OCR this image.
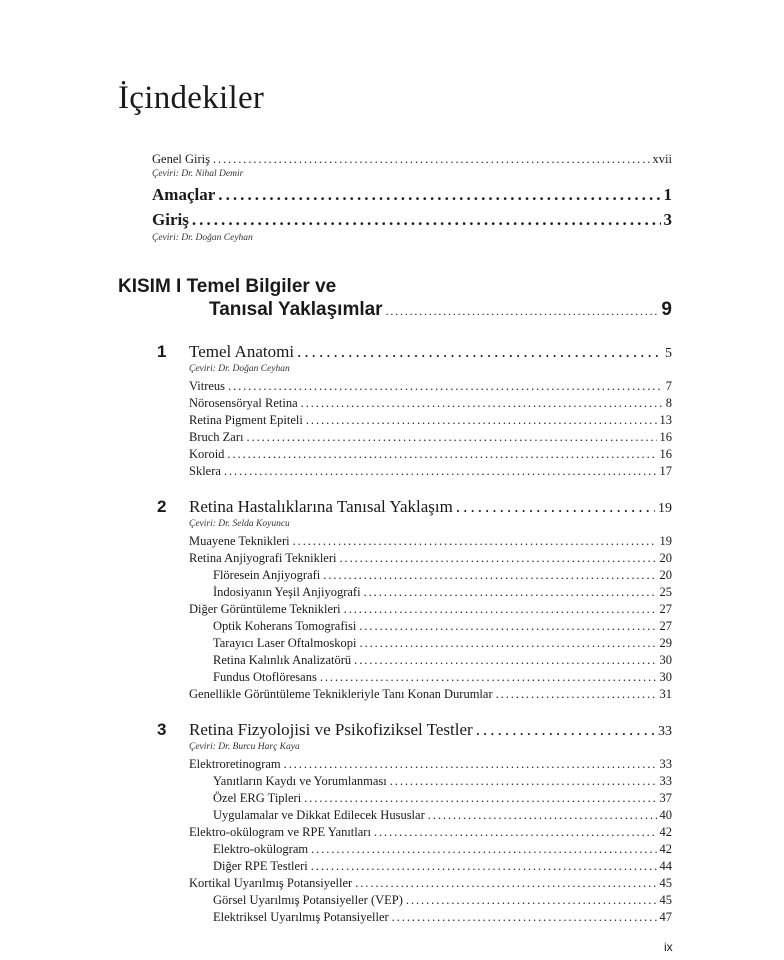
İçindekiler
Genel Giriş . . .	xvii
Çeviri: Dr. Nihal Demir
Amaçlar . . .	1
Giriş . . .	3
Çeviri: Dr. Doğan Ceyhan
KISIM I Temel Bilgiler ve
Tanısal Yaklaşımlar . . .	9
1 Temel Anatomi . . .	5
Çeviri: Dr. Doğan Ceyhan
Vitreus . . .	7
Nörosensöryal Retina . . .	8
Retina Pigment Epiteli . . .	13
Bruch Zarı . . .	16
Koroid . . .	16
Sklera . . .	17
2 Retina Hastalıklarına Tanısal Yaklaşım . . .	19
Çeviri: Dr. Selda Koyuncu
Muayene Teknikleri . . .	19
Retina Anjiyografi Teknikleri . . .	20
Flöresein Anjiyografi . . .	20
İndosiyanın Yeşil Anjiyografi . . .	25
Diğer Görüntüleme Teknikleri . . .	27
Optik Koherans Tomografisi . . .	27
Tarayıcı Laser Oftalmoskopi . . .	29
Retina Kalınlık Analizatörü . . .	30
Fundus Otoflöresans . . .	30
Genellikle Görüntüleme Teknikleriyle Tanı Konan Durumlar . . .	31
3 Retina Fizyolojisi ve Psikofiziksel Testler . . .	33
Çeviri: Dr. Burcu Harç Kaya
Elektroretinogram . . .	33
Yanıtların Kaydı ve Yorumlanması . . .	33
Özel ERG Tipleri . . .	37
Uygulamalar ve Dikkat Edilecek Hususlar . . .	40
Elektro-okülogram ve RPE Yanıtları . . .	42
Elektro-okülogram . . .	42
Diğer RPE Testleri . . .	44
Kortikal Uyarılmış Potansiyeller . . .	45
Görsel Uyarılmış Potansiyeller (VEP) . . .	45
Elektriksel Uyarılmış Potansiyeller . . .	47
ix
